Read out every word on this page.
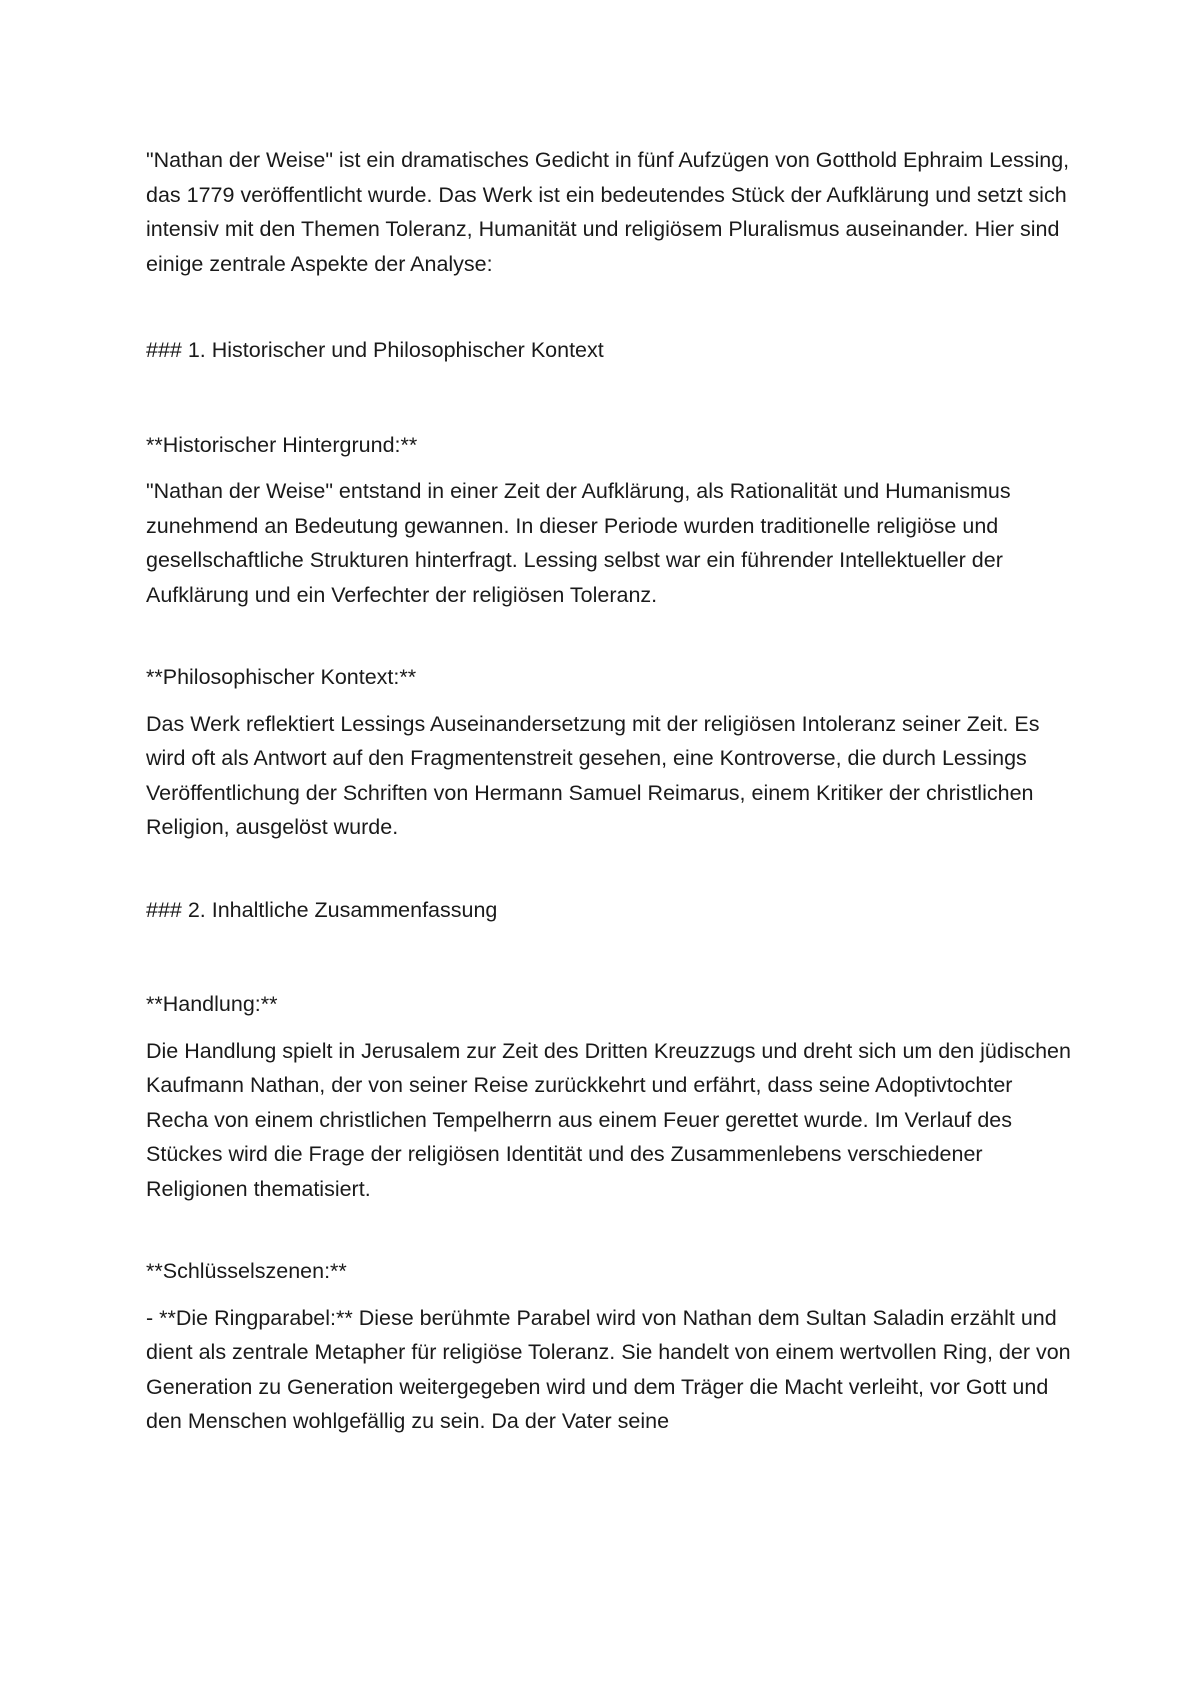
"Nathan der Weise" ist ein dramatisches Gedicht in fünf Aufzügen von Gotthold Ephraim Lessing, das 1779 veröffentlicht wurde. Das Werk ist ein bedeutendes Stück der Aufklärung und setzt sich intensiv mit den Themen Toleranz, Humanität und religiösem Pluralismus auseinander. Hier sind einige zentrale Aspekte der Analyse:

### 1. Historischer und Philosophischer Kontext

**Historischer Hintergrund:**

"Nathan der Weise" entstand in einer Zeit der Aufklärung, als Rationalität und Humanismus zunehmend an Bedeutung gewannen. In dieser Periode wurden traditionelle religiöse und gesellschaftliche Strukturen hinterfragt. Lessing selbst war ein führender Intellektueller der Aufklärung und ein Verfechter der religiösen Toleranz.

**Philosophischer Kontext:**

Das Werk reflektiert Lessings Auseinandersetzung mit der religiösen Intoleranz seiner Zeit. Es wird oft als Antwort auf den Fragmentenstreit gesehen, eine Kontroverse, die durch Lessings Veröffentlichung der Schriften von Hermann Samuel Reimarus, einem Kritiker der christlichen Religion, ausgelöst wurde.

### 2. Inhaltliche Zusammenfassung

**Handlung:**

Die Handlung spielt in Jerusalem zur Zeit des Dritten Kreuzzugs und dreht sich um den jüdischen Kaufmann Nathan, der von seiner Reise zurückkehrt und erfährt, dass seine Adoptivtochter Recha von einem christlichen Tempelherrn aus einem Feuer gerettet wurde. Im Verlauf des Stückes wird die Frage der religiösen Identität und des Zusammenlebens verschiedener Religionen thematisiert.

**Schlüsselszenen:**

- **Die Ringparabel:** Diese berühmte Parabel wird von Nathan dem Sultan Saladin erzählt und dient als zentrale Metapher für religiöse Toleranz. Sie handelt von einem wertvollen Ring, der von Generation zu Generation weitergegeben wird und dem Träger die Macht verleiht, vor Gott und den Menschen wohlgefällig zu sein. Da der Vater seine
